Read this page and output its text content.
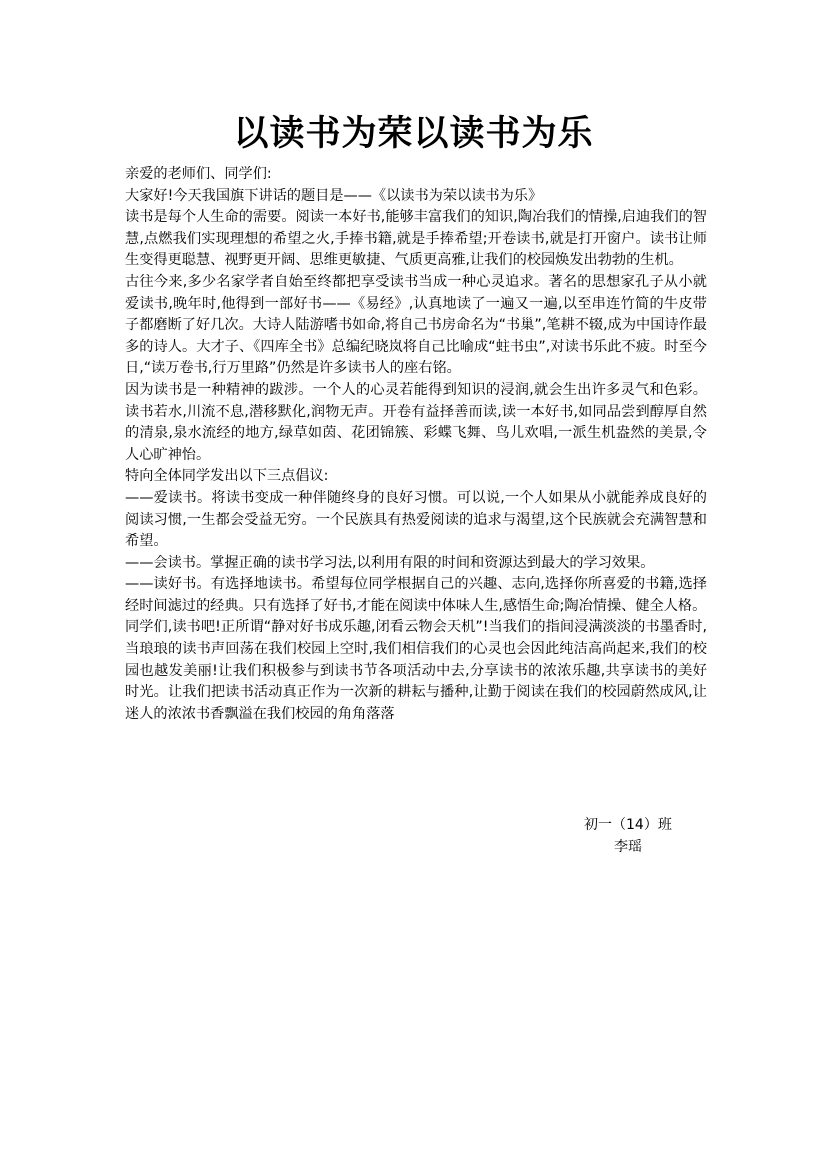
以读书为荣以读书为乐

亲爱的老师们、同学们:

大家好!今天我国旗下讲话的题目是——《以读书为荣以读书为乐》

读书是每个人生命的需要。阅读一本好书,能够丰富我们的知识,陶冶我们的情操,启迪我们的智慧,点燃我们实现理想的希望之火,手捧书籍,就是手捧希望;开卷读书,就是打开窗户。读书让师生变得更聪慧、视野更开阔、思维更敏捷、气质更高雅,让我们的校园焕发出勃勃的生机。

古往今来,多少名家学者自始至终都把享受读书当成一种心灵追求。著名的思想家孔子从小就爱读书,晚年时,他得到一部好书——《易经》,认真地读了一遍又一遍,以至串连竹简的牛皮带子都磨断了好几次。大诗人陆游嗜书如命,将自己书房命名为“书巢”,笔耕不辍,成为中国诗作最多的诗人。大才子、《四库全书》总编纪晓岚将自己比喻成“蛀书虫”,对读书乐此不疲。时至今日,“读万卷书,行万里路”仍然是许多读书人的座右铭。

因为读书是一种精神的跋涉。一个人的心灵若能得到知识的浸润,就会生出许多灵气和色彩。读书若水,川流不息,潜移默化,润物无声。开卷有益择善而读,读一本好书,如同品尝到醇厚自然的清泉,泉水流经的地方,绿草如茵、花团锦簇、彩蝶飞舞、鸟儿欢唱,一派生机盎然的美景,令人心旷神怡。

特向全体同学发出以下三点倡议:

——爱读书。将读书变成一种伴随终身的良好习惯。可以说,一个人如果从小就能养成良好的阅读习惯,一生都会受益无穷。一个民族具有热爱阅读的追求与渴望,这个民族就会充满智慧和希望。

——会读书。掌握正确的读书学习法,以利用有限的时间和资源达到最大的学习效果。

——读好书。有选择地读书。希望每位同学根据自己的兴趣、志向,选择你所喜爱的书籍,选择经时间滤过的经典。只有选择了好书,才能在阅读中体味人生,感悟生命;陶冶情操、健全人格。

同学们,读书吧!正所谓“静对好书成乐趣,闭看云物会天机”!当我们的指间浸满淡淡的书墨香时,当琅琅的读书声回荡在我们校园上空时,我们相信我们的心灵也会因此纯洁高尚起来,我们的校园也越发美丽!让我们积极参与到读书节各项活动中去,分享读书的浓浓乐趣,共享读书的美好时光。让我们把读书活动真正作为一次新的耕耘与播种,让勤于阅读在我们的校园蔚然成风,让迷人的浓浓书香飘溢在我们校园的角角落落

初一（14）班
李瑶
